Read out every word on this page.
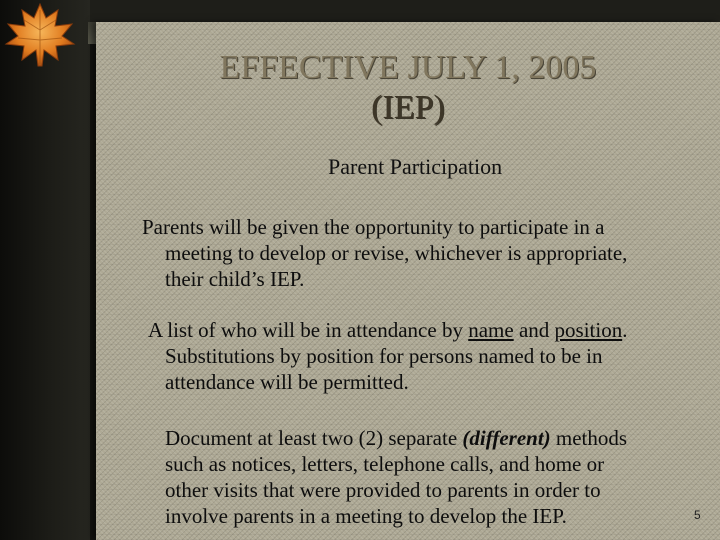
EFFECTIVE JULY 1, 2005
(IEP)
Parent Participation
Parents will be given the opportunity to participate in a
meeting to develop or revise, whichever is appropriate,
their child’s IEP.
A list of who will be in attendance by name and position.
Substitutions by position for persons named to be in
attendance will be permitted.
Document at least two (2) separate (different) methods
such as notices, letters, telephone calls, and home or
other visits that were provided to parents in order to
involve parents in a meeting to develop the IEP.	5
